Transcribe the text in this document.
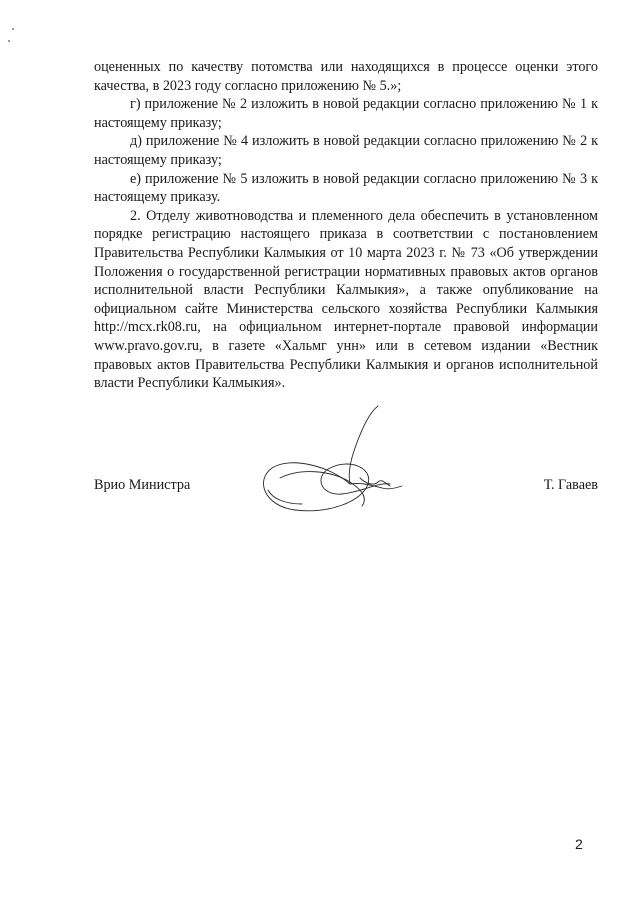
оцененных по качеству потомства или находящихся в процессе оценки этого качества, в 2023 году согласно приложению № 5.»;

г) приложение № 2 изложить в новой редакции согласно приложению № 1 к настоящему приказу;

д) приложение № 4 изложить в новой редакции согласно приложению № 2 к настоящему приказу;

е) приложение № 5 изложить в новой редакции согласно приложению № 3 к настоящему приказу.

2. Отделу животноводства и племенного дела обеспечить в установленном порядке регистрацию настоящего приказа в соответствии с постановлением Правительства Республики Калмыкия от 10 марта 2023 г. № 73 «Об утверждении Положения о государственной регистрации нормативных правовых актов органов исполнительной власти Республики Калмыкия», а также опубликование на официальном сайте Министерства сельского хозяйства Республики Калмыкия http://mcx.rk08.ru, на официальном интернет-портале правовой информации www.pravo.gov.ru, в газете «Хальмг унн» или в сетевом издании «Вестник правовых актов Правительства Республики Калмыкия и органов исполнительной власти Республики Калмыкия».

Врио Министра	Т. Гаваев
2
